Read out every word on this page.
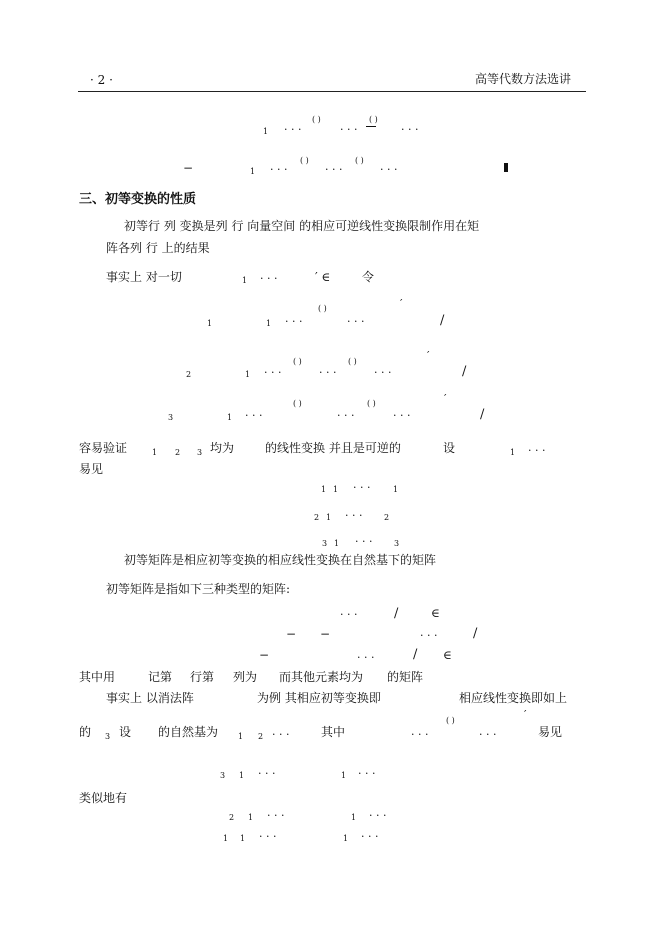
· 2 ·	高等代数方法选讲
1 · · ·
( )
· · ·
( )
· · ·
−	1 · · ·
( )
· · ·
( )
· · ·
三、初等变换的性质
初等行 列 变换是列 行 向量空间 的相应可逆线性变换限制作用在矩
阵各列 行 上的结果
事实上 对一切	1 · · ·	′ ∈	令
1	1 · · ·
( )
· · ·
′
/
2	1 · · ·
( )
· · ·
( )
· · ·
′
/
3	1 · · ·
( )
· · ·
( )
· · ·
′
/
容易验证	1 2 3 均为	的线性变换 并且是可逆的	设	1 · · ·
易见
1 1 · · ·	1
2 1 · · ·	2
3 1 · · ·	3
初等矩阵是相应初等变换的相应线性变换在自然基下的矩阵
初等矩阵是指如下三种类型的矩阵:
· · ·	/	∈
− −	· · ·	/
−	· · ·	/ ∈
其中用	记第 行第 列为 而其他元素均为 的矩阵
事实上 以消法阵	为例 其相应初等变换即	相应线性变换即如上
的 3 设 的自然基为 1 2 · · ·	其中	· · ·
( )
· · ·
′
易见
3 1 · · ·	1 · · ·
类似地有
2 1 · · ·	1 · · ·
1 1 · · ·	1 · · ·
